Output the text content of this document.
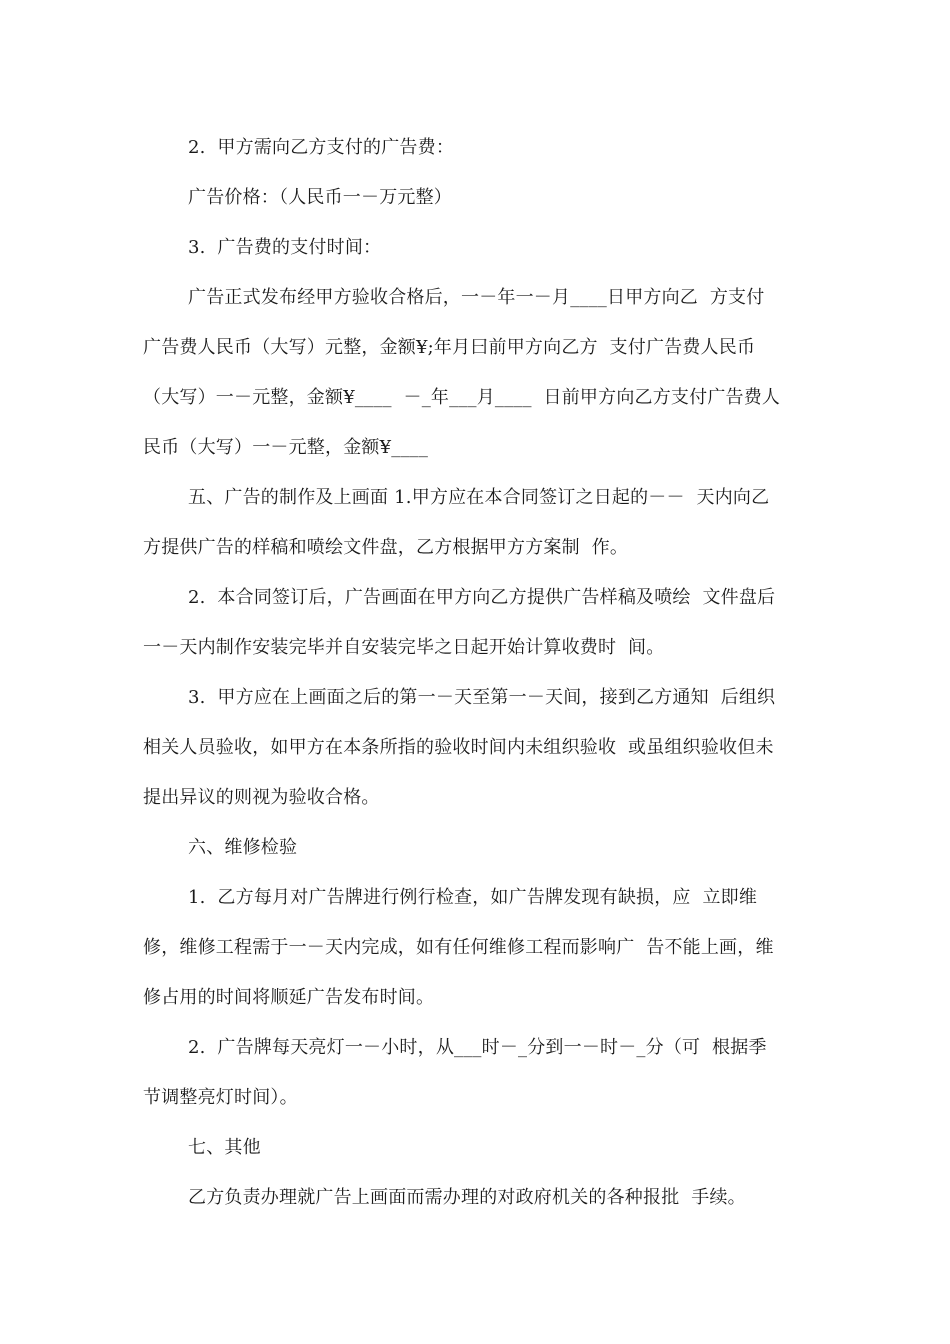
2.  甲方需向乙方支付的广告费：
广告价格：（人民币一－万元整）
3.  广告费的支付时间：
广告正式发布经甲方验收合格后，一－年一－月____日甲方向乙  方支付
广告费人民币（大写）元整，金额¥;年月曰前甲方向乙方  支付广告费人民币
（大写）一－元整，金额¥____  －_年___月____  日前甲方向乙方支付广告费人
民币（大写）一－元整，金额¥____
五、广告的制作及上画面 1.甲方应在本合同签订之日起的－－  天内向乙
方提供广告的样稿和喷绘文件盘，乙方根据甲方方案制  作。
2.  本合同签订后，广告画面在甲方向乙方提供广告样稿及喷绘  文件盘后
一－天内制作安装完毕并自安装完毕之日起开始计算收费时  间。
3.  甲方应在上画面之后的第一－天至第一－天间，接到乙方通知  后组织
相关人员验收，如甲方在本条所指的验收时间内未组织验收  或虽组织验收但未
提出异议的则视为验收合格。
六、维修检验
1.  乙方每月对广告牌进行例行检查，如广告牌发现有缺损，应  立即维
修，维修工程需于一－天内完成，如有任何维修工程而影响广  告不能上画，维
修占用的时间将顺延广告发布时间。
2.  广告牌每天亮灯一－小时，从___时－_分到一－时－_分（可  根据季
节调整亮灯时间）。
七、其他
乙方负责办理就广告上画面而需办理的对政府机关的各种报批  手续。
